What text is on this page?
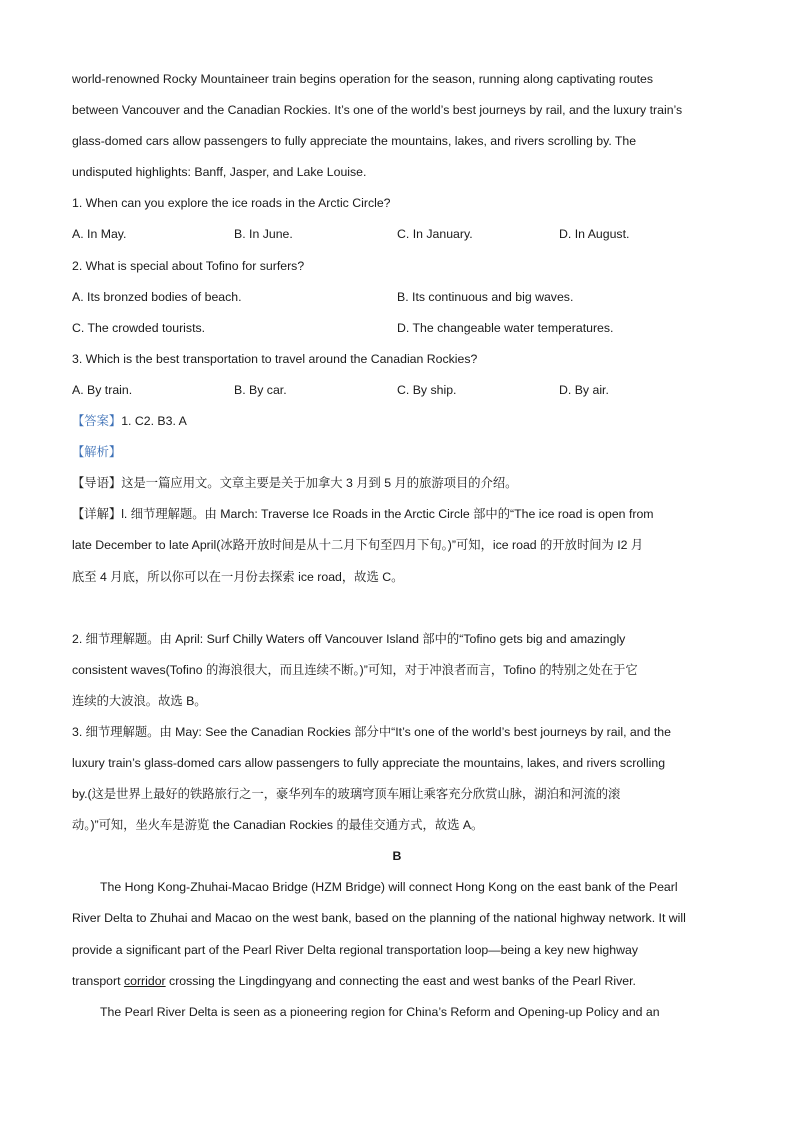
world-renowned Rocky Mountaineer train begins operation for the season, running along captivating routes
between Vancouver and the Canadian Rockies. It’s one of the world’s best journeys by rail, and the luxury train’s
glass-domed cars allow passengers to fully appreciate the mountains, lakes, and rivers scrolling by. The
undisputed highlights: Banff, Jasper, and Lake Louise.
1. When can you explore the ice roads in the Arctic Circle?
A. In May.	B. In June.	C. In January.	D. In August.
2. What is special about Tofino for surfers?
A. Its bronzed bodies of beach.	B. Its continuous and big waves.
C. The crowded tourists.	D. The changeable water temperatures.
3. Which is the best transportation to travel around the Canadian Rockies?
A. By train.	B. By car.	C. By ship.	D. By air.
【答案】1. C2. B3. A
【解析】
【导语】这是一篇应用文。文章主要是关于加拿大 3 月到 5 月的旅游项目的介绍。
【详解】l. 细节理解题。由 March: Traverse Ice Roads in the Arctic Circle 部中的“The ice road is open from
late December to late April(冰路开放时间是从十二月下旬至四月下旬。)”可知，ice road 的开放时间为 I2 月
底至 4 月底，所以你可以在一月份去探索 ice road，故选 C。
2. 细节理解题。由 April: Surf Chilly Waters off Vancouver Island 部中的“Tofino gets big and amazingly
consistent waves(Tofino 的海浪很大，而且连续不断。)”可知，对于冲浪者而言，Tofino 的特别之处在于它
连续的大波浪。故选 B。
3. 细节理解题。由 May: See the Canadian Rockies 部分中“It’s one of the world’s best journeys by rail, and the
luxury train’s glass-domed cars allow passengers to fully appreciate the mountains, lakes, and rivers scrolling
by.(这是世界上最好的铁路旅行之一，豪华列车的玻璃穹顶车厢让乘客充分欣赏山脉，湖泊和河流的滚
动。)”可知，坐火车是游览 the Canadian Rockies 的最佳交通方式，故选 A。
B
The Hong Kong-Zhuhai-Macao Bridge (HZM Bridge) will connect Hong Kong on the east bank of the Pearl
River Delta to Zhuhai and Macao on the west bank, based on the planning of the national highway network. It will
provide a significant part of the Pearl River Delta regional transportation loop—being a key new highway
transport corridor crossing the Lingdingyang and connecting the east and west banks of the Pearl River.
The Pearl River Delta is seen as a pioneering region for China’s Reform and Opening-up Policy and an
